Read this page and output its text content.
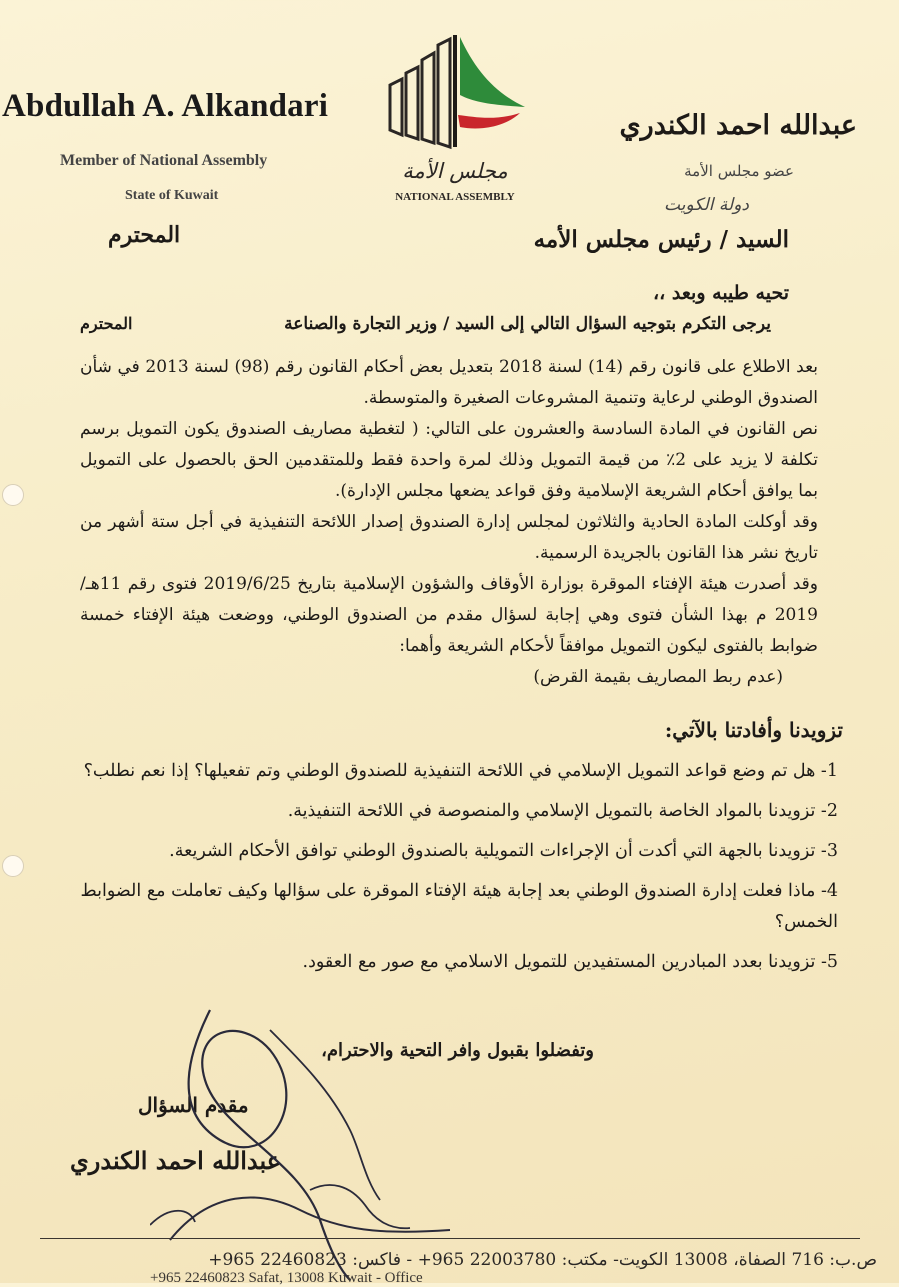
Abdullah A. Alkandari
Member of National Assembly
State of Kuwait
مجلس الأمة
NATIONAL ASSEMBLY
عبدالله احمد الكندري
عضو مجلس الأمة
دولة الكويت
المحترم	السيد / رئيس مجلس الأمه
تحيه طيبه وبعد ،،
يرجى التكرم بتوجيه السؤال التالي إلى السيد / وزير التجارة والصناعة
المحترم

بعد الاطلاع على قانون رقم (14) لسنة 2018 بتعديل بعض أحكام القانون رقم (98) لسنة 2013 في شأن الصندوق الوطني لرعاية وتنمية المشروعات الصغيرة والمتوسطة.

نص القانون في المادة السادسة والعشرون على التالي: ( لتغطية مصاريف الصندوق يكون التمويل برسم تكلفة لا يزيد على 2٪ من قيمة التمويل وذلك لمرة واحدة فقط وللمتقدمين الحق بالحصول على التمويل بما يوافق أحكام الشريعة الإسلامية وفق قواعد يضعها مجلس الإدارة).

وقد أوكلت المادة الحادية والثلاثون لمجلس إدارة الصندوق إصدار اللائحة التنفيذية في أجل ستة أشهر من تاريخ نشر هذا القانون بالجريدة الرسمية.

وقد أصدرت هيئة الإفتاء الموقرة بوزارة الأوقاف والشؤون الإسلامية بتاريخ 2019/6/25 فتوى رقم 11هـ/ 2019 م بهذا الشأن فتوى وهي إجابة لسؤال مقدم من الصندوق الوطني، ووضعت هيئة الإفتاء خمسة ضوابط بالفتوى ليكون التمويل موافقاً لأحكام الشريعة وأهما:

(عدم ربط المصاريف بقيمة القرض)

تزويدنا وأفادتنا بالآتي:

1- هل تم وضع قواعد التمويل الإسلامي في اللائحة التنفيذية للصندوق الوطني وتم تفعيلها؟ إذا نعم نطلب؟

2- تزويدنا بالمواد الخاصة بالتمويل الإسلامي والمنصوصة في اللائحة التنفيذية.

3- تزويدنا بالجهة التي أكدت أن الإجراءات التمويلية بالصندوق الوطني توافق الأحكام الشريعة.

4- ماذا فعلت إدارة الصندوق الوطني بعد إجابة هيئة الإفتاء الموقرة على سؤالها وكيف تعاملت مع الضوابط الخمس؟

5- تزويدنا بعدد المبادرين المستفيدين للتمويل الاسلامي مع صور مع العقود.

وتفضلوا بقبول وافر التحية والاحترام،
مقدم السؤال
عبدالله احمد الكندري
ص.ب: 716 الصفاة، 13008 الكويت- مكتب: 22003780 965+ - فاكس: 22460823 965+
+965 22460823 Safat, 13008 Kuwait - Office
